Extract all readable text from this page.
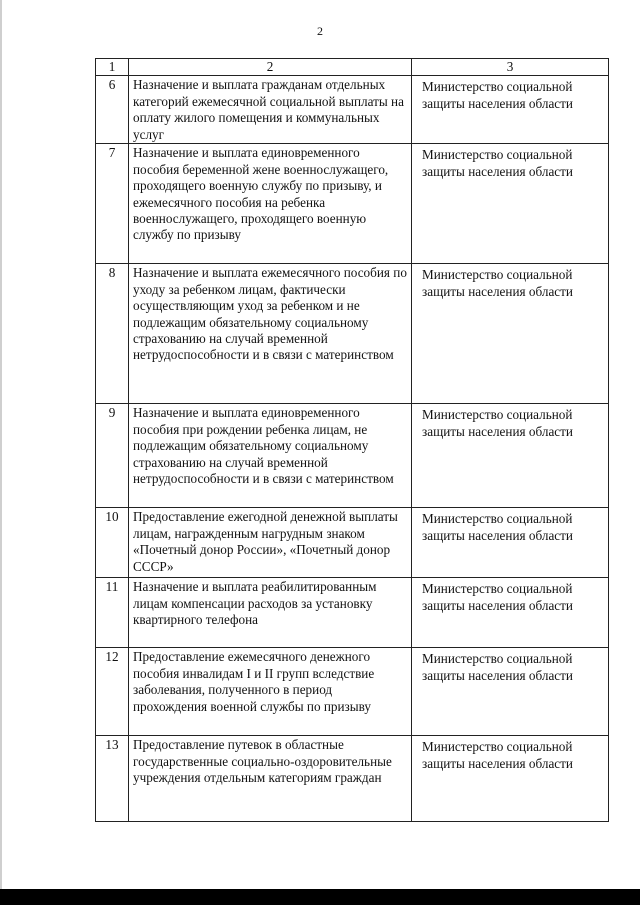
2
1	2	3
6	Назначение и выплата гражданам отдельных категорий ежемесячной социальной выплаты на оплату жилого помещения и коммунальных услуг	Министерство социальной защиты населения области

7	Назначение и выплата единовременного пособия беременной жене военнослужащего, проходящего военную службу по призыву, и ежемесячного пособия на ребенка военнослужащего, проходящего военную службу по призыву	Министерство социальной защиты населения области

8	Назначение и выплата ежемесячного пособия по уходу за ребенком лицам, фактически осуществляющим уход за ребенком и не подлежащим обязательному социальному страхованию на случай временной нетрудоспособности и в связи с материнством	Министерство социальной защиты населения области

9	Назначение и выплата единовременного пособия при рождении ребенка лицам, не подлежащим обязательному социальному страхованию на случай временной нетрудоспособности и в связи с материнством	Министерство социальной защиты населения области

10	Предоставление ежегодной денежной выплаты лицам, награжденным нагрудным знаком «Почетный донор России», «Почетный донор СССР»	Министерство социальной защиты населения области

11	Назначение и выплата реабилитированным лицам компенсации расходов за установку квартирного телефона	Министерство социальной защиты населения области

12	Предоставление ежемесячного денежного пособия инвалидам I и II групп вследствие заболевания, полученного в период прохождения военной службы по призыву	Министерство социальной защиты населения области

13	Предоставление путевок в областные государственные социально-оздоровительные учреждения отдельным категориям граждан	Министерство социальной защиты населения области
